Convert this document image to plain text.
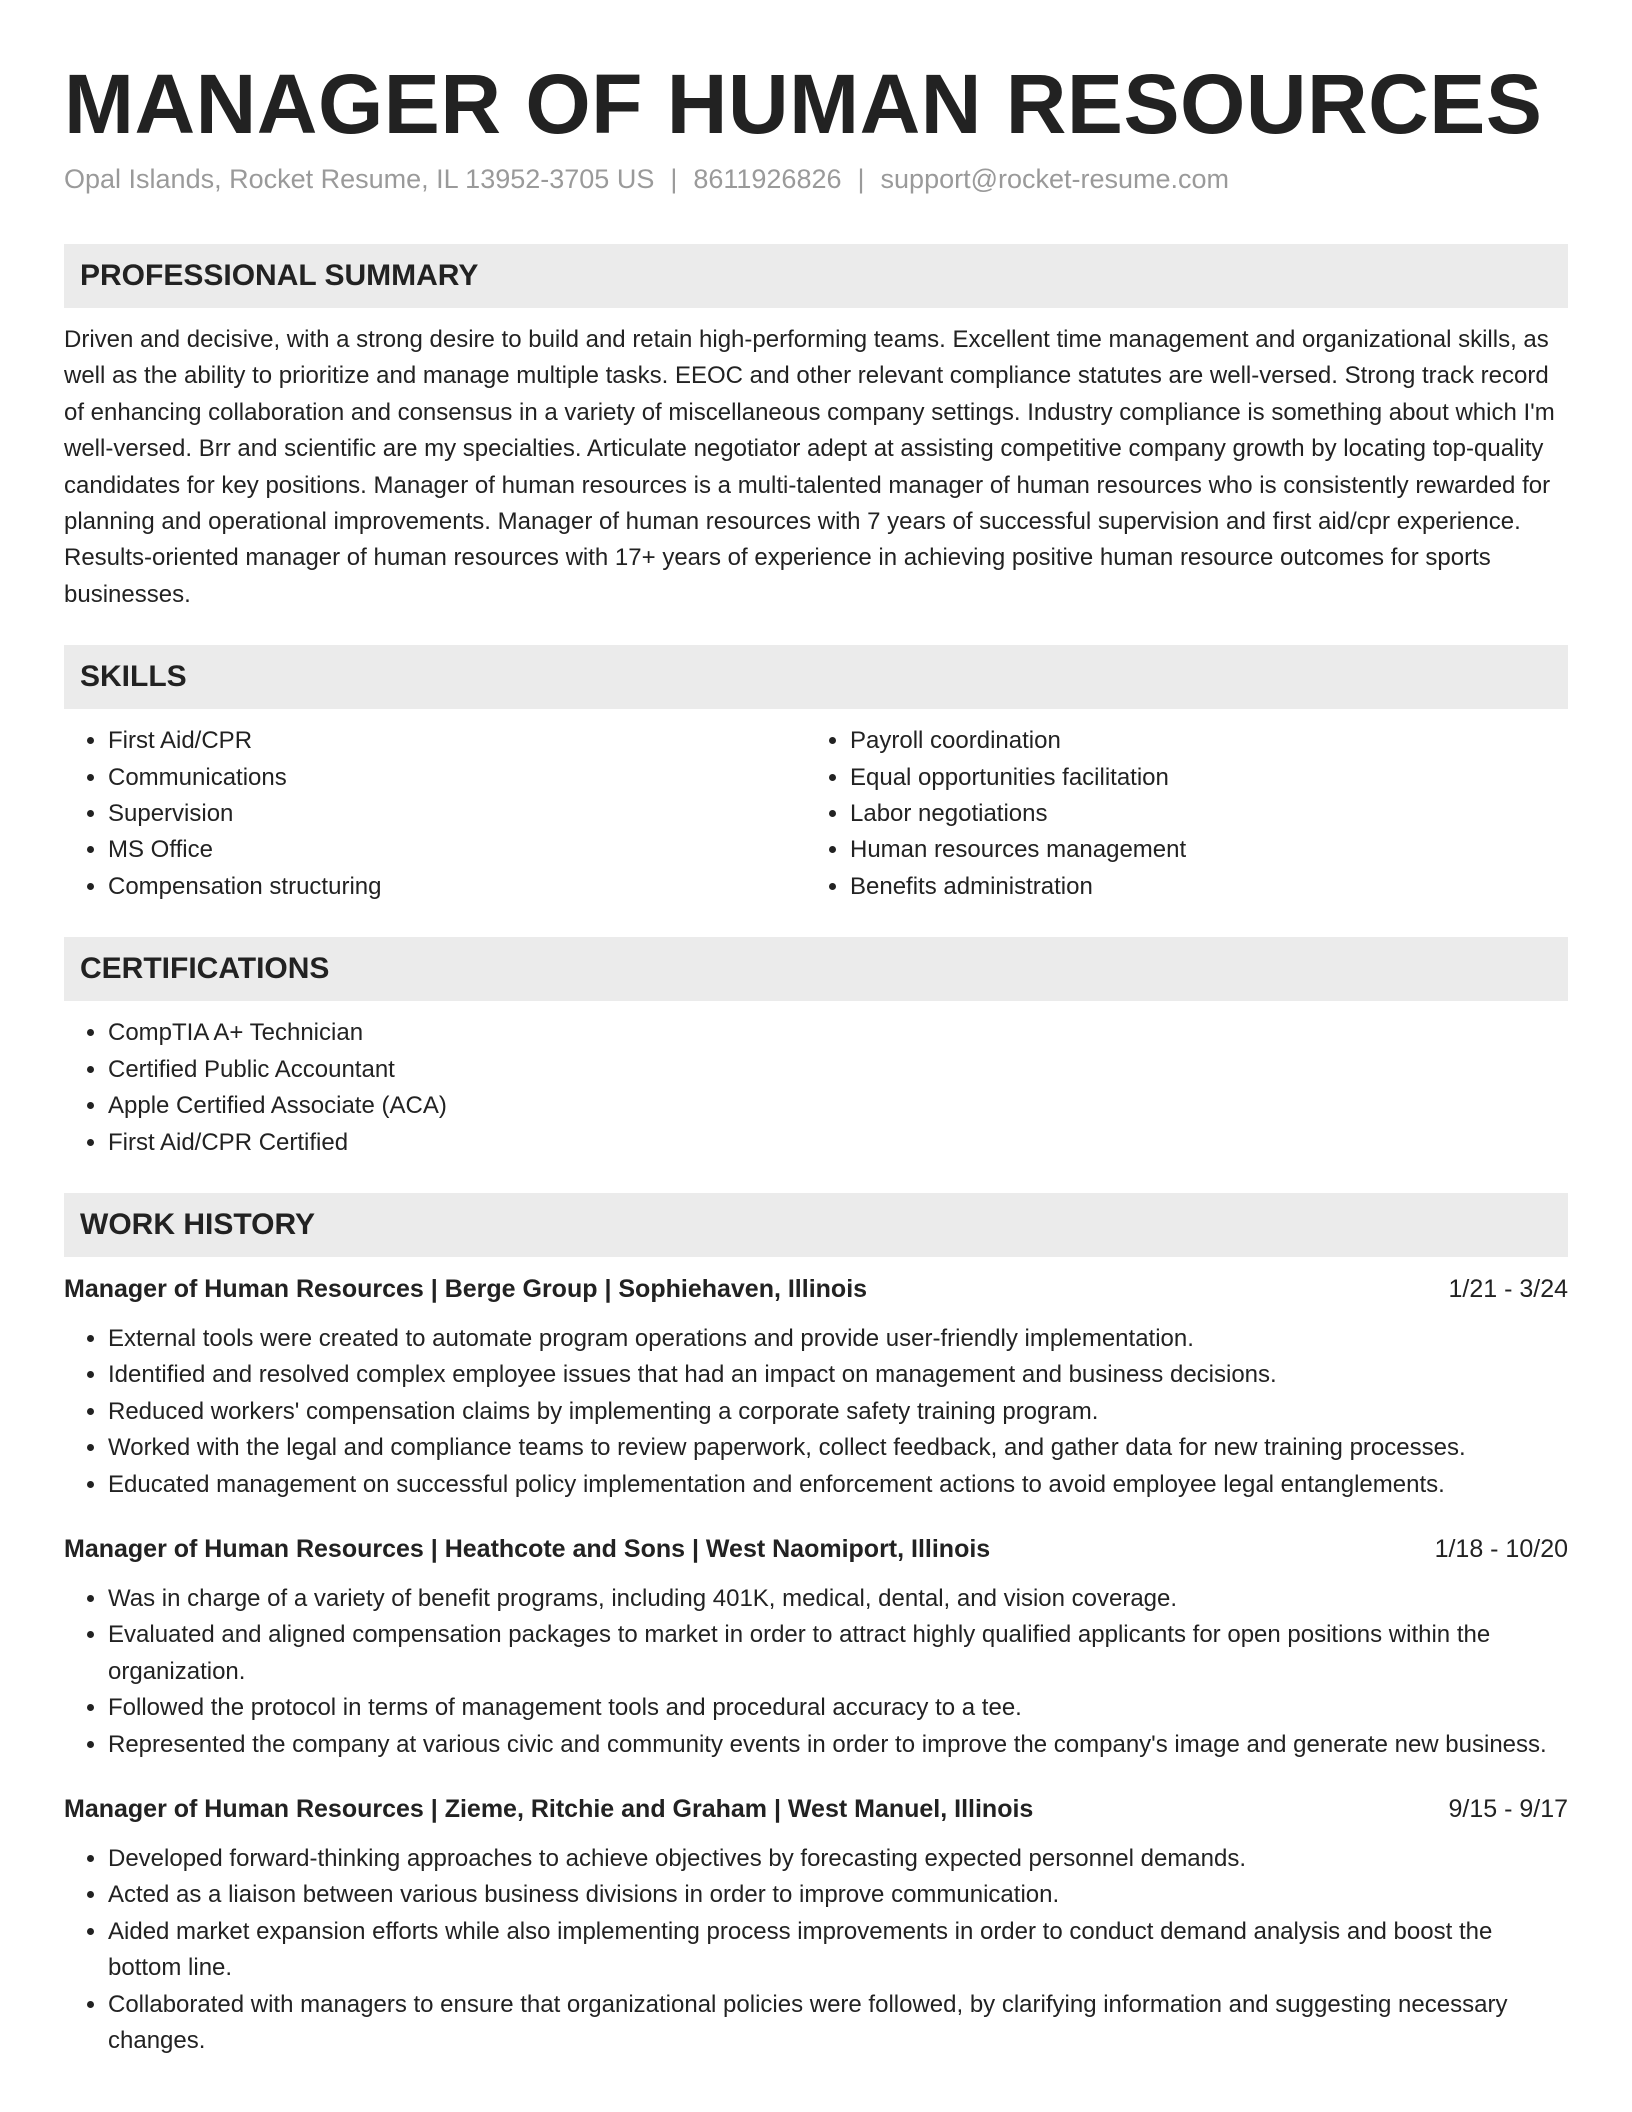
MANAGER OF HUMAN RESOURCES
Opal Islands, Rocket Resume, IL 13952-3705 US | 8611926826 | support@rocket-resume.com
PROFESSIONAL SUMMARY
Driven and decisive, with a strong desire to build and retain high-performing teams. Excellent time management and organizational skills, as well as the ability to prioritize and manage multiple tasks. EEOC and other relevant compliance statutes are well-versed. Strong track record of enhancing collaboration and consensus in a variety of miscellaneous company settings. Industry compliance is something about which I'm well-versed. Brr and scientific are my specialties. Articulate negotiator adept at assisting competitive company growth by locating top-quality candidates for key positions. Manager of human resources is a multi-talented manager of human resources who is consistently rewarded for planning and operational improvements. Manager of human resources with 7 years of successful supervision and first aid/cpr experience. Results-oriented manager of human resources with 17+ years of experience in achieving positive human resource outcomes for sports businesses.
SKILLS
• First Aid/CPR
• Communications
• Supervision
• MS Office
• Compensation structuring
• Payroll coordination
• Equal opportunities facilitation
• Labor negotiations
• Human resources management
• Benefits administration
CERTIFICATIONS
• CompTIA A+ Technician
• Certified Public Accountant
• Apple Certified Associate (ACA)
• First Aid/CPR Certified
WORK HISTORY
Manager of Human Resources | Berge Group | Sophiehaven, Illinois	1/21 - 3/24
• External tools were created to automate program operations and provide user-friendly implementation.
• Identified and resolved complex employee issues that had an impact on management and business decisions.
• Reduced workers' compensation claims by implementing a corporate safety training program.
• Worked with the legal and compliance teams to review paperwork, collect feedback, and gather data for new training processes.
• Educated management on successful policy implementation and enforcement actions to avoid employee legal entanglements.
Manager of Human Resources | Heathcote and Sons | West Naomiport, Illinois	1/18 - 10/20
• Was in charge of a variety of benefit programs, including 401K, medical, dental, and vision coverage.
• Evaluated and aligned compensation packages to market in order to attract highly qualified applicants for open positions within the organization.
• Followed the protocol in terms of management tools and procedural accuracy to a tee.
• Represented the company at various civic and community events in order to improve the company's image and generate new business.
Manager of Human Resources | Zieme, Ritchie and Graham | West Manuel, Illinois	9/15 - 9/17
• Developed forward-thinking approaches to achieve objectives by forecasting expected personnel demands.
• Acted as a liaison between various business divisions in order to improve communication.
• Aided market expansion efforts while also implementing process improvements in order to conduct demand analysis and boost the bottom line.
• Collaborated with managers to ensure that organizational policies were followed, by clarifying information and suggesting necessary changes.
